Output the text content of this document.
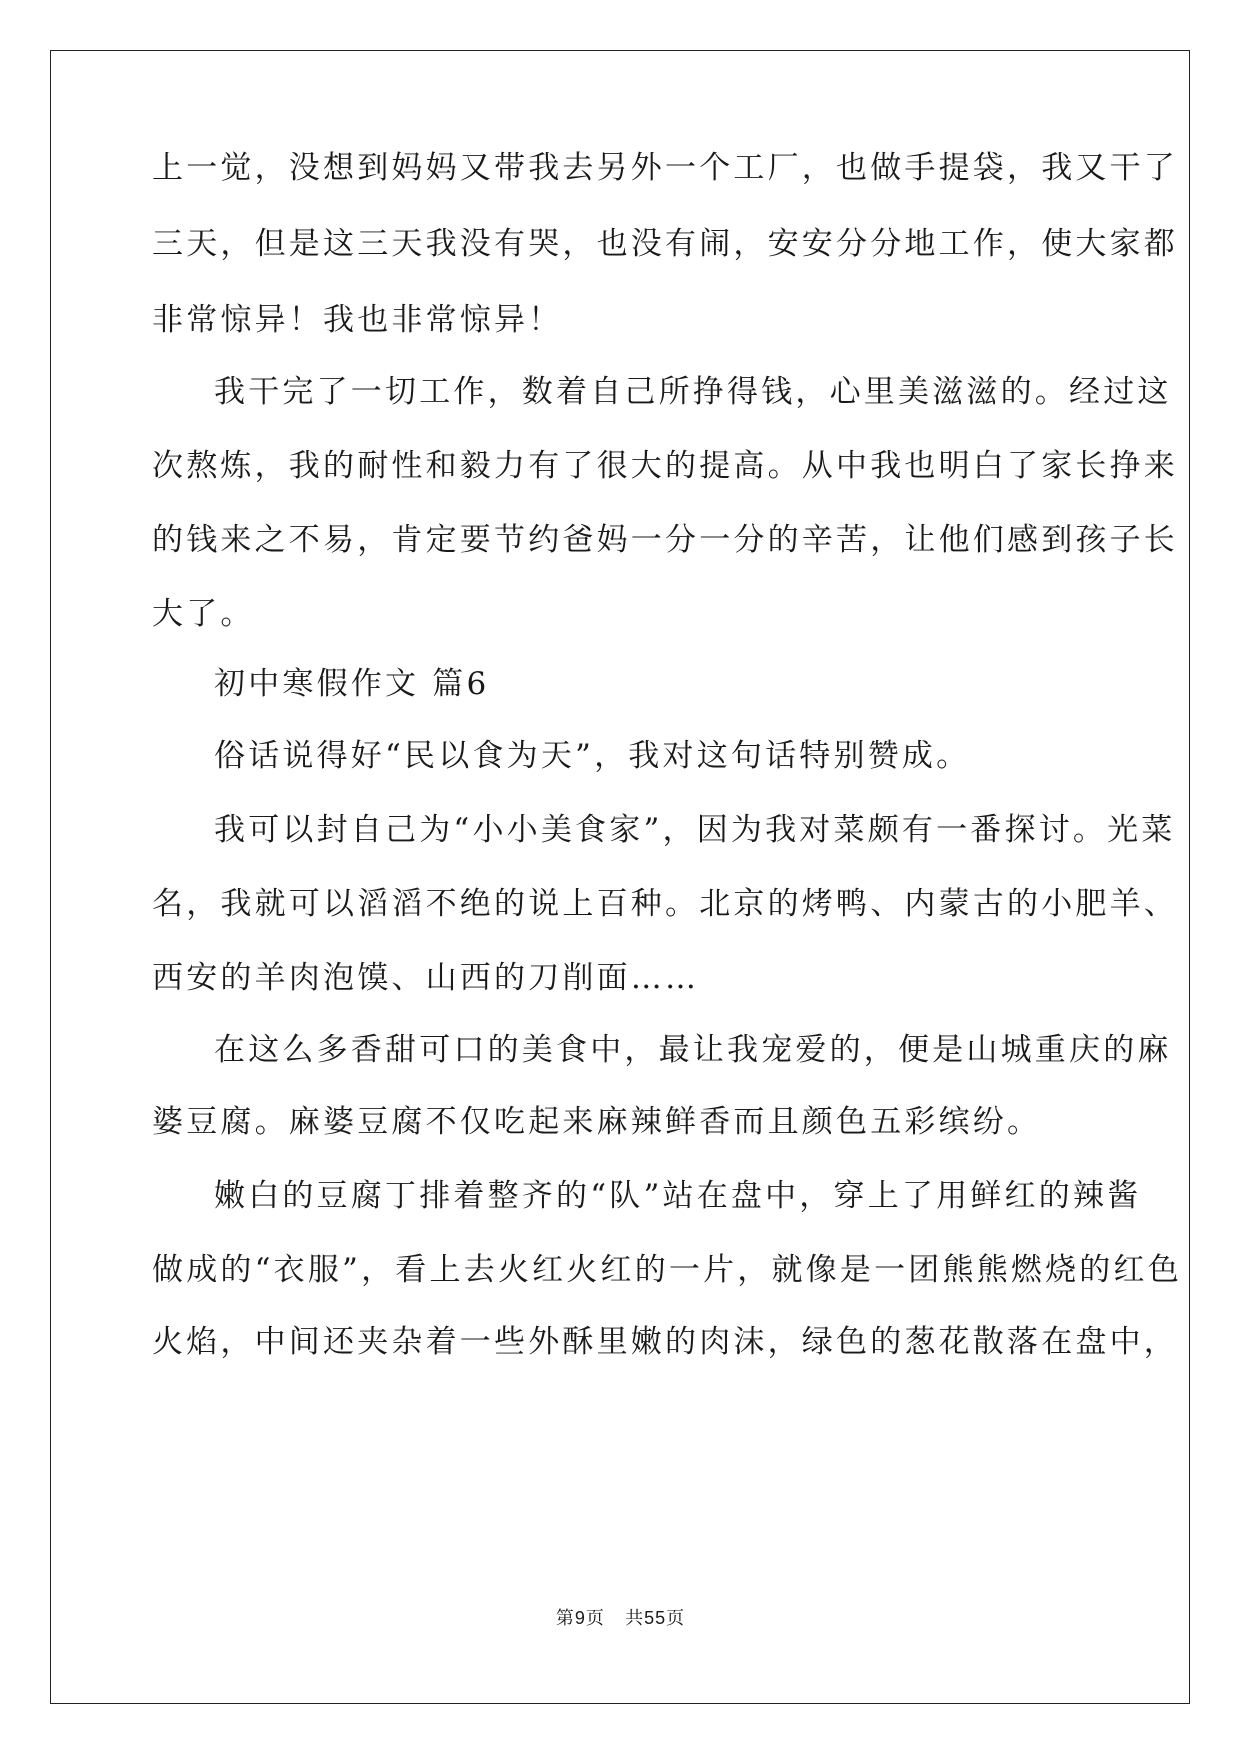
上一觉，没想到妈妈又带我去另外一个工厂，也做手提袋，我又干了
三天，但是这三天我没有哭，也没有闹，安安分分地工作，使大家都
非常惊异！我也非常惊异！
我干完了一切工作，数着自己所挣得钱，心里美滋滋的。经过这
次熬炼，我的耐性和毅力有了很大的提高。从中我也明白了家长挣来
的钱来之不易，肯定要节约爸妈一分一分的辛苦，让他们感到孩子长
大了。
初中寒假作文 篇6
俗话说得好“民以食为天”，我对这句话特别赞成。
我可以封自己为“小小美食家”，因为我对菜颇有一番探讨。光菜
名，我就可以滔滔不绝的说上百种。北京的烤鸭、内蒙古的小肥羊、
西安的羊肉泡馍、山西的刀削面……
在这么多香甜可口的美食中，最让我宠爱的，便是山城重庆的麻
婆豆腐。麻婆豆腐不仅吃起来麻辣鲜香而且颜色五彩缤纷。
嫩白的豆腐丁排着整齐的“队”站在盘中，穿上了用鲜红的辣酱
做成的“衣服”，看上去火红火红的一片，就像是一团熊熊燃烧的红色
火焰，中间还夹杂着一些外酥里嫩的肉沫，绿色的葱花散落在盘中，
第9页 共55页
